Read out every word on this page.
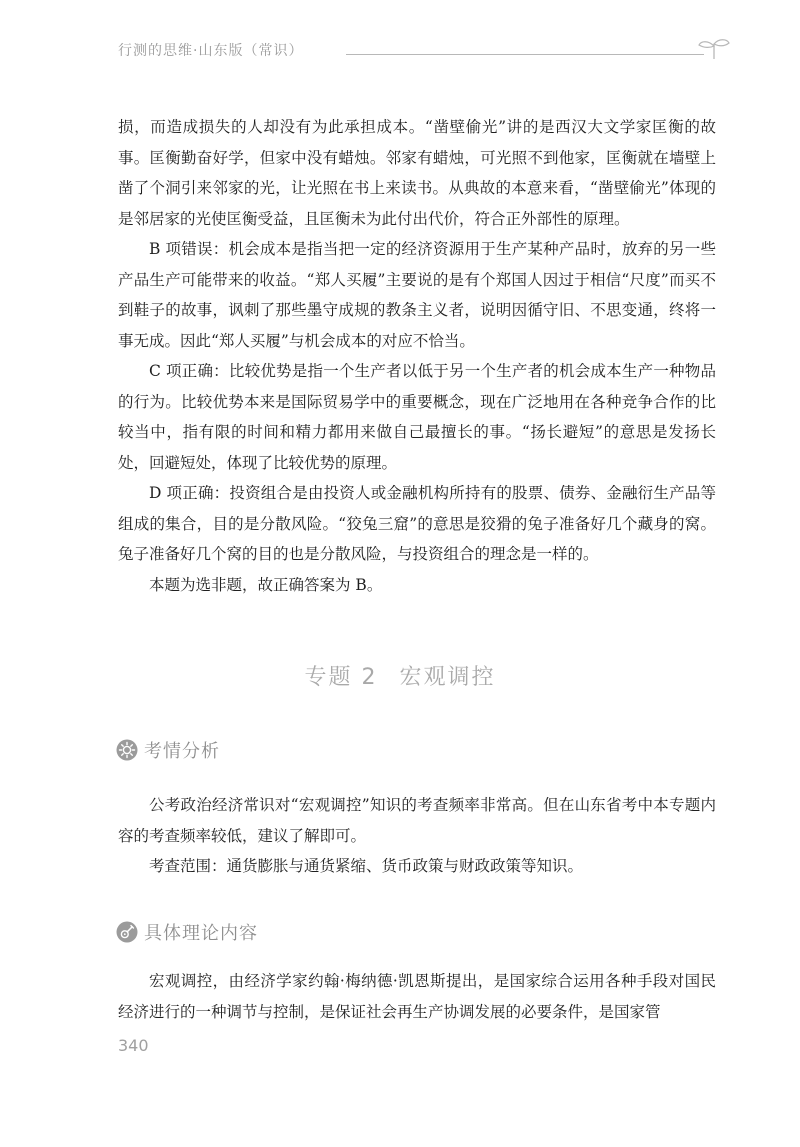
行测的思维·山东版（常识）

损，而造成损失的人却没有为此承担成本。“凿壁偷光”讲的是西汉大文学家匡衡的故事。匡衡勤奋好学，但家中没有蜡烛。邻家有蜡烛，可光照不到他家，匡衡就在墙壁上凿了个洞引来邻家的光，让光照在书上来读书。从典故的本意来看，“凿壁偷光”体现的是邻居家的光使匡衡受益，且匡衡未为此付出代价，符合正外部性的原理。

B 项错误：机会成本是指当把一定的经济资源用于生产某种产品时，放弃的另一些产品生产可能带来的收益。“郑人买履”主要说的是有个郑国人因过于相信“尺度”而买不到鞋子的故事，讽刺了那些墨守成规的教条主义者，说明因循守旧、不思变通，终将一事无成。因此“郑人买履”与机会成本的对应不恰当。

C 项正确：比较优势是指一个生产者以低于另一个生产者的机会成本生产一种物品的行为。比较优势本来是国际贸易学中的重要概念，现在广泛地用在各种竞争合作的比较当中，指有限的时间和精力都用来做自己最擅长的事。“扬长避短”的意思是发扬长处，回避短处，体现了比较优势的原理。

D 项正确：投资组合是由投资人或金融机构所持有的股票、债券、金融衍生产品等组成的集合，目的是分散风险。“狡兔三窟”的意思是狡猾的兔子准备好几个藏身的窝。兔子准备好几个窝的目的也是分散风险，与投资组合的理念是一样的。

本题为选非题，故正确答案为 B。

专题 2 宏观调控
考情分析

公考政治经济常识对“宏观调控”知识的考查频率非常高。但在山东省考中本专题内容的考查频率较低，建议了解即可。

考查范围：通货膨胀与通货紧缩、货币政策与财政政策等知识。

具体理论内容

宏观调控，由经济学家约翰·梅纳德·凯恩斯提出，是国家综合运用各种手段对国民经济进行的一种调节与控制，是保证社会再生产协调发展的必要条件，是国家管

340
